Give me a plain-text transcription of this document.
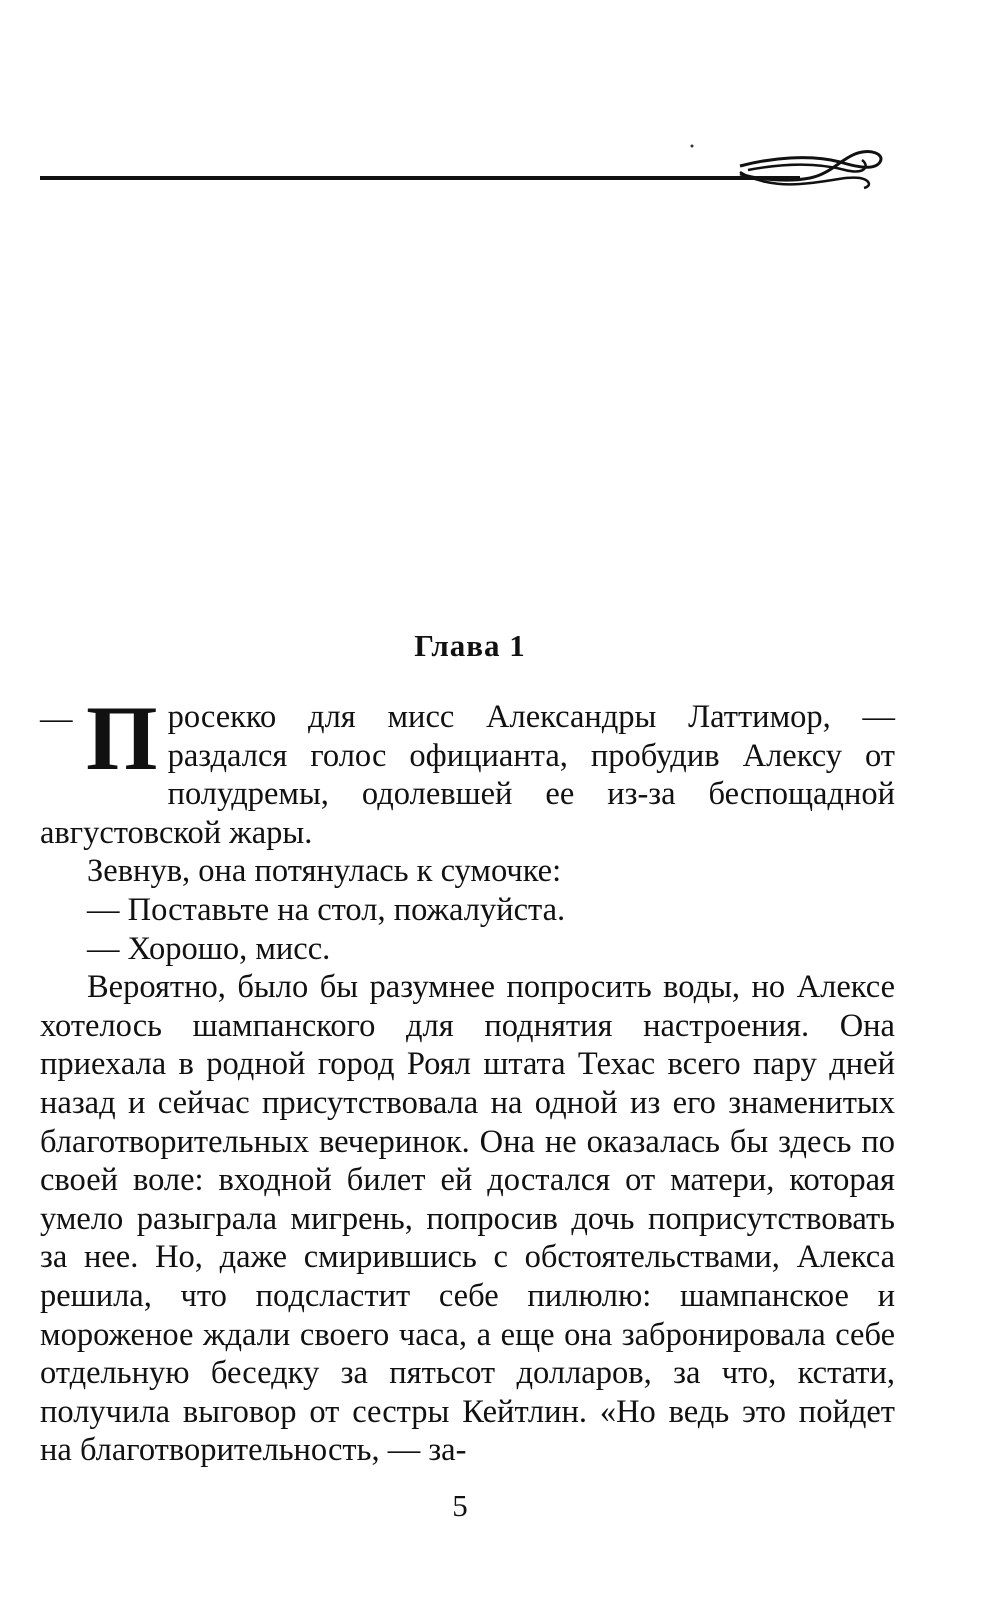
Глава 1

— П росекко для мисс Александры Латтимор, — раздался голос официанта, пробудив Алексу от полудремы, одолевшей ее из-за беспощадной августовской жары.

Зевнув, она потянулась к сумочке:

— Поставьте на стол, пожалуйста.

— Хорошо, мисс.

Вероятно, было бы разумнее попросить воды, но Алексе хотелось шампанского для поднятия настроения. Она приехала в родной город Роял штата Техас всего пару дней назад и сейчас присутствовала на одной из его знаменитых благотворительных вечеринок. Она не оказалась бы здесь по своей воле: входной билет ей достался от матери, которая умело разыграла мигрень, попросив дочь поприсутствовать за нее. Но, даже смирившись с обстоятельствами, Алекса решила, что подсластит себе пилюлю: шампанское и мороженое ждали своего часа, а еще она забронировала себе отдельную беседку за пятьсот долларов, за что, кстати, получила выговор от сестры Кейтлин. «Но ведь это пойдет на благотворительность, — за-

5
